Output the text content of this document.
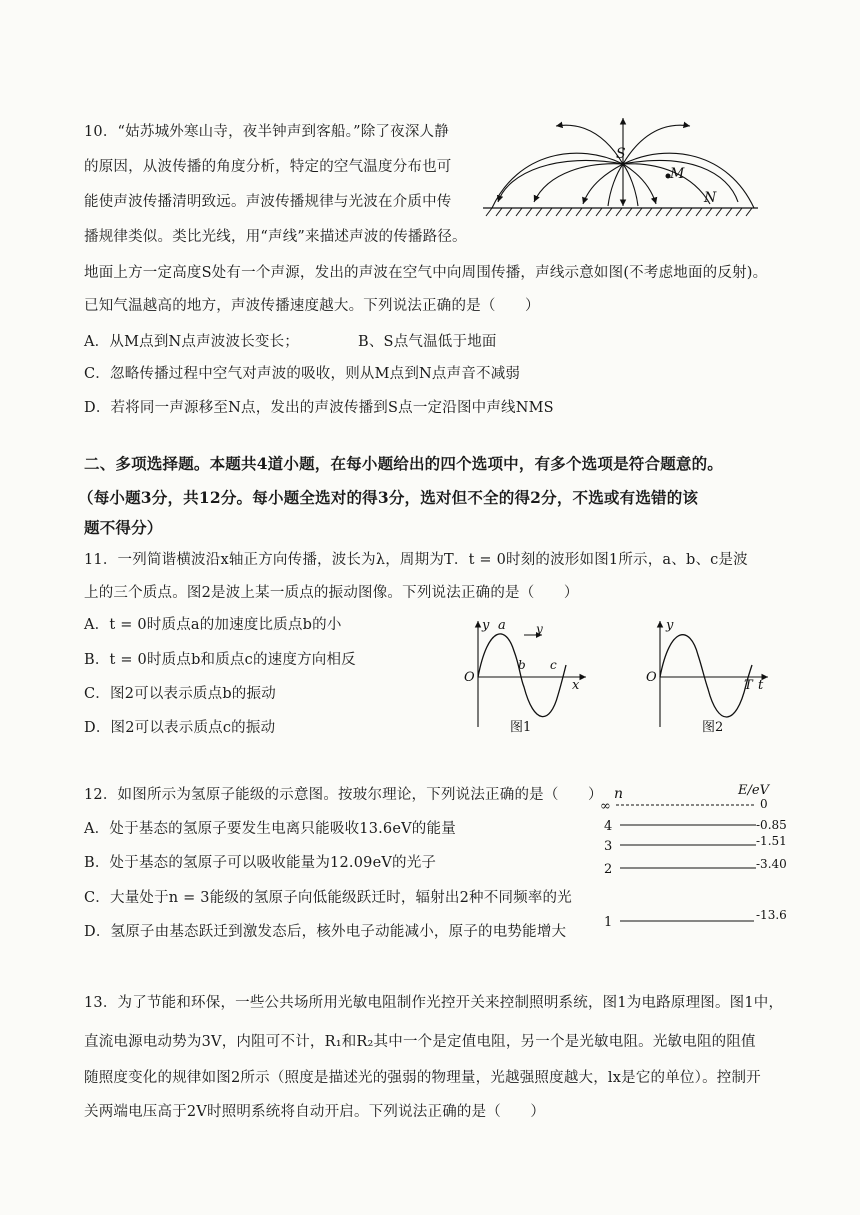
10．“姑苏城外寒山寺，夜半钟声到客船。”除了夜深人静
的原因，从波传播的角度分析，特定的空气温度分布也可
能使声波传播清明致远。声波传播规律与光波在介质中传
播规律类似。类比光线，用“声线”来描述声波的传播路径。
地面上方一定高度S处有一个声源，发出的声波在空气中向周围传播，声线示意如图(不考虑地面的反射)。
已知气温越高的地方，声波传播速度越大。下列说法正确的是（　　）
A．从M点到N点声波波长变长；	B、S点气温低于地面
C．忽略传播过程中空气对声波的吸收，则从M点到N点声音不减弱
D．若将同一声源移至N点，发出的声波传播到S点一定沿图中声线NMS
S
M
N
二、多项选择题。本题共4道小题，在每小题给出的四个选项中，有多个选项是符合题意的。
（每小题3分，共12分。每小题全选对的得3分，选对但不全的得2分，不选或有选错的该
题不得分）
11．一列简谐横波沿x轴正方向传播，波长为λ，周期为T．t = 0时刻的波形如图1所示，a、b、c是波
上的三个质点。图2是波上某一质点的振动图像。下列说法正确的是（　　）
A．t = 0时质点a的加速度比质点b的小
B．t = 0时质点b和质点c的速度方向相反
C．图2可以表示质点b的振动
D．图2可以表示质点c的振动
y a	y
b c
O
x
图1
y
O
T t
图2
12．如图所示为氢原子能级的示意图。按玻尔理论，下列说法正确的是（　　）
A．处于基态的氢原子要发生电离只能吸收13.6eV的能量
B．处于基态的氢原子可以吸收能量为12.09eV的光子
C．大量处于n = 3能级的氢原子向低能级跃迁时，辐射出2种不同频率的光
D．氢原子由基态跃迁到激发态后，核外电子动能减小，原子的电势能增大
n	E/eV
∞	0
4	-0.85
3	-1.51
2	-3.40
1	-13.6
13．为了节能和环保，一些公共场所用光敏电阻制作光控开关来控制照明系统，图1为电路原理图。图1中，
直流电源电动势为3V，内阻可不计，R₁和R₂其中一个是定值电阻，另一个是光敏电阻。光敏电阻的阻值
随照度变化的规律如图2所示（照度是描述光的强弱的物理量，光越强照度越大，lx是它的单位）。控制开
关两端电压高于2V时照明系统将自动开启。下列说法正确的是（　　）
